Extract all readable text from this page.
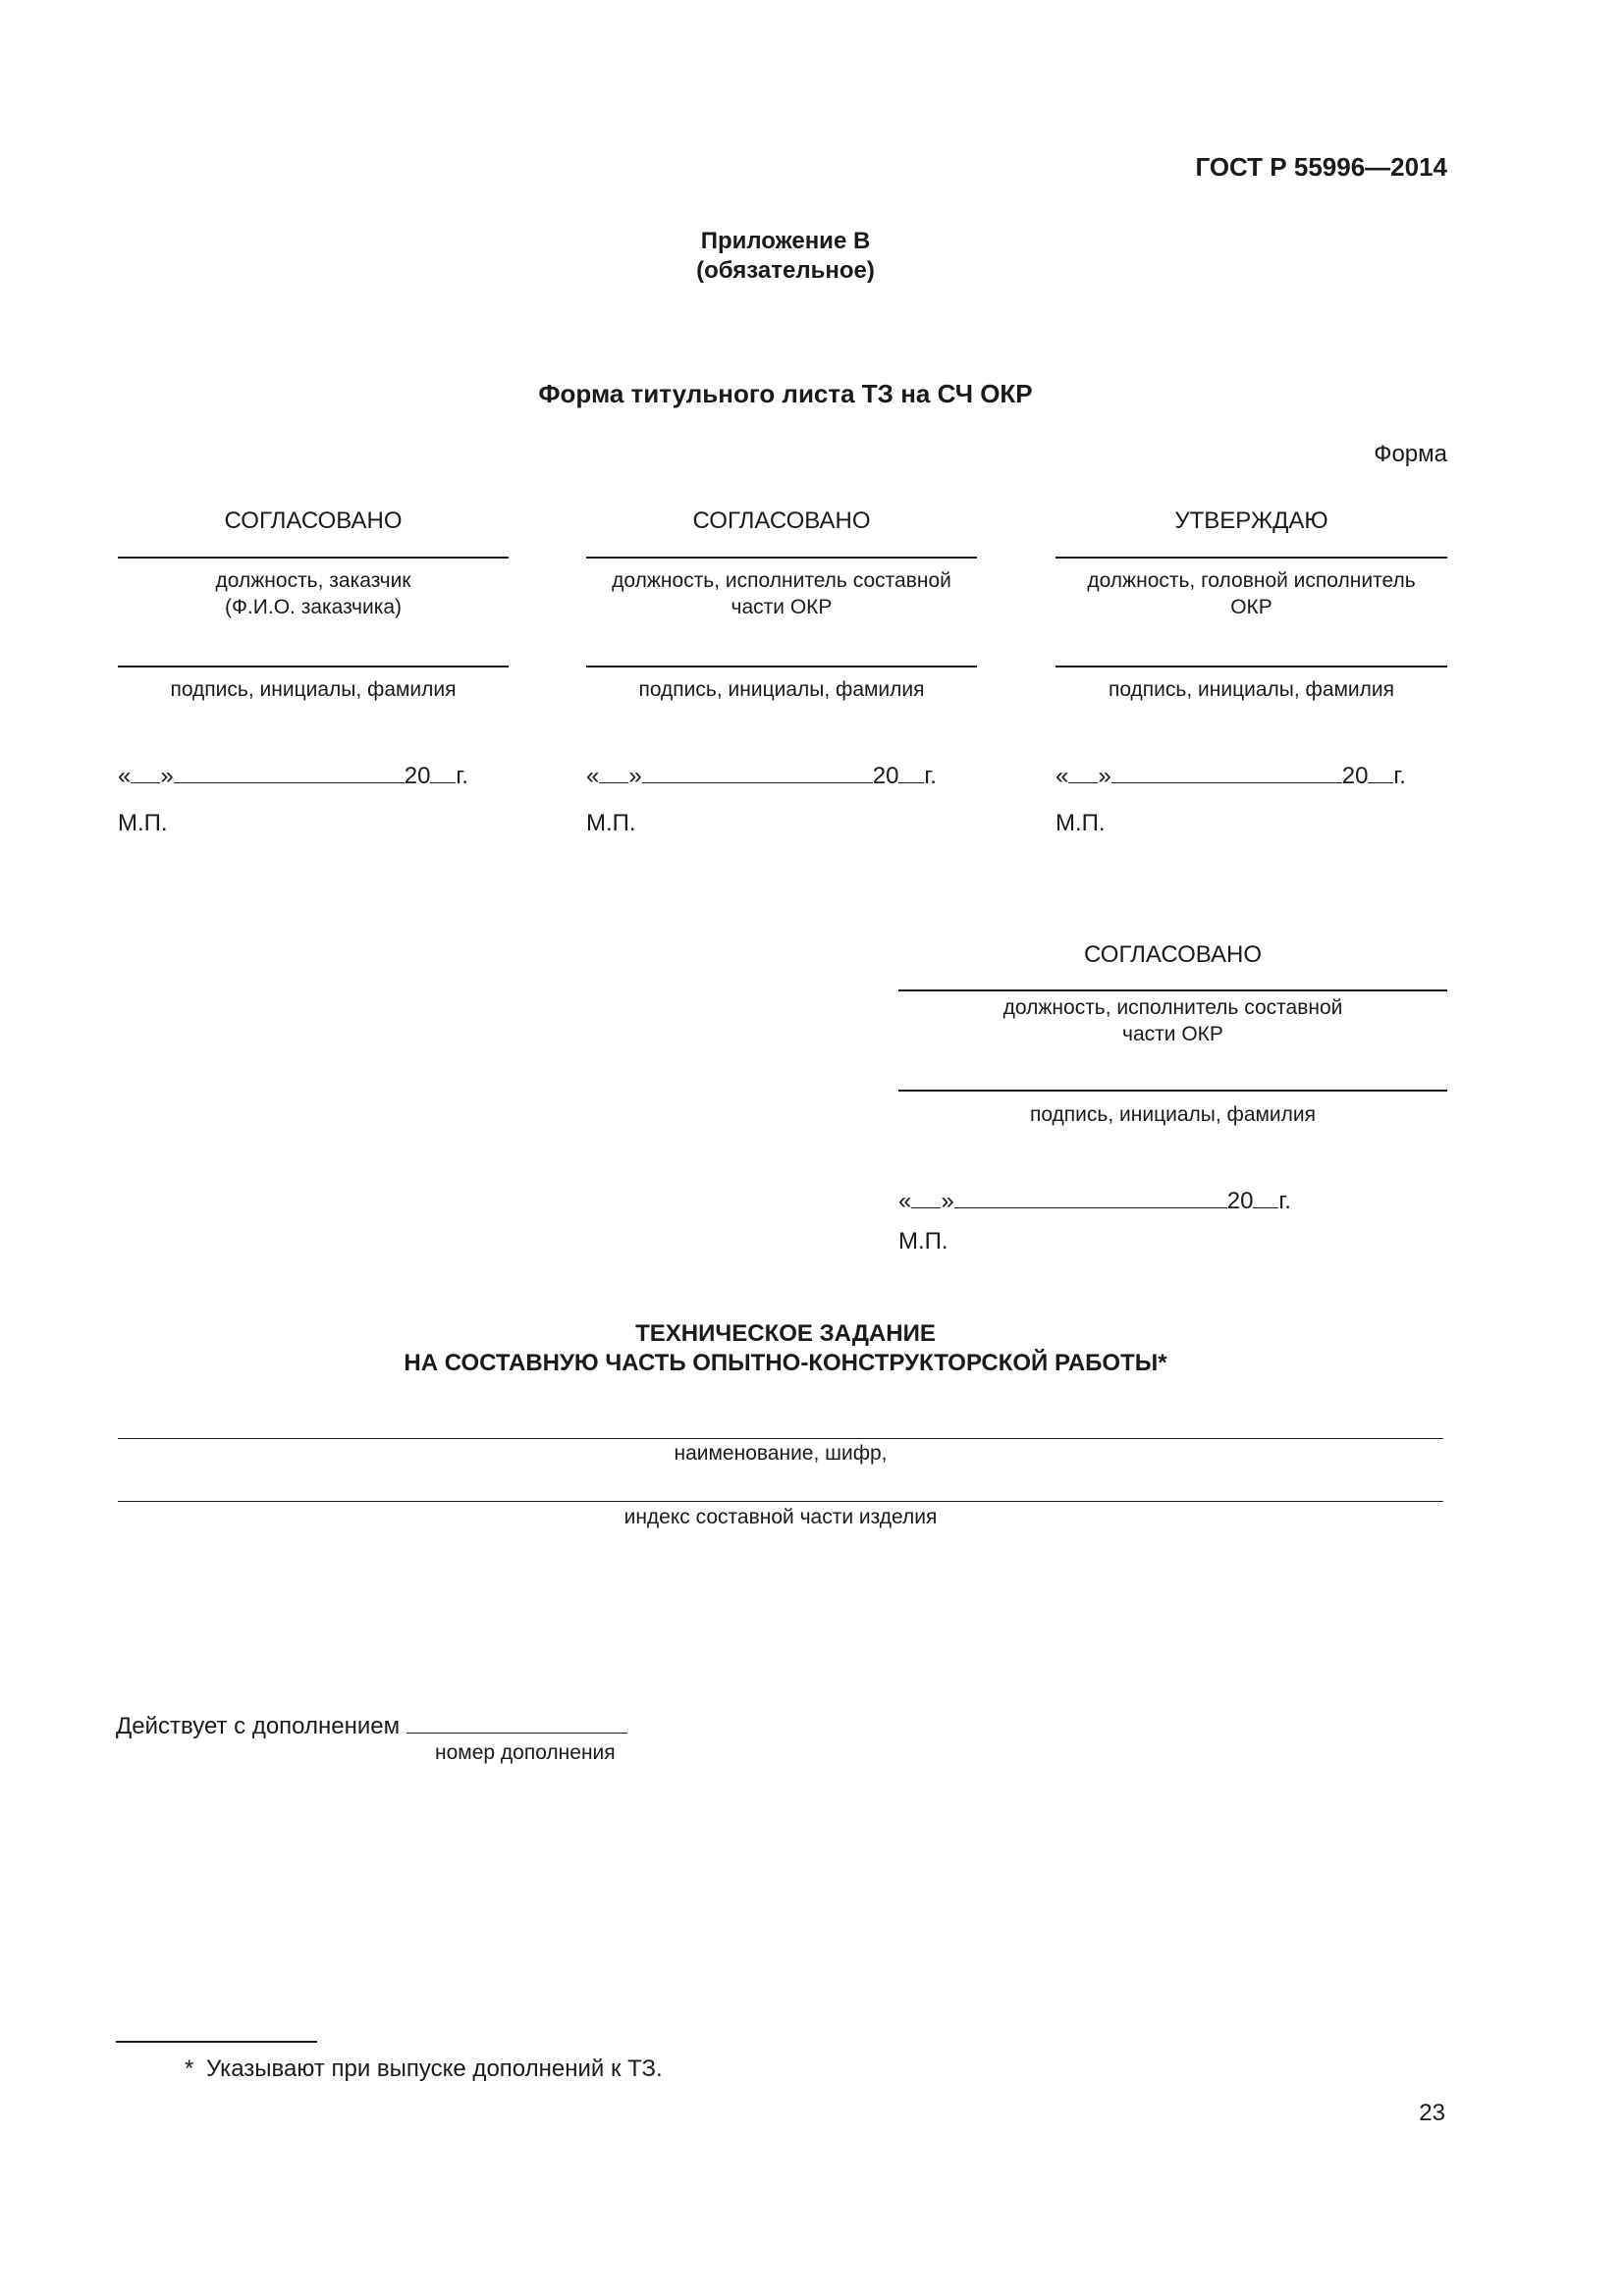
ГОСТ Р 55996—2014
Приложение В
(обязательное)
Форма титульного листа ТЗ на СЧ ОКР
Форма
СОГЛАСОВАНО
должность, заказчик
(Ф.И.О. заказчика)
подпись, инициалы, фамилия
« »	20 г.
М.П.
СОГЛАСОВАНО
должность, исполнитель составной
части ОКР
подпись, инициалы, фамилия
« »	20 г.
М.П.
УТВЕРЖДАЮ
должность, головной исполнитель
ОКР
подпись, инициалы, фамилия
« »	20 г.
М.П.
СОГЛАСОВАНО
должность, исполнитель составной
части ОКР
подпись, инициалы, фамилия
« »	20 г.
М.П.
ТЕХНИЧЕСКОЕ ЗАДАНИЕ
НА СОСТАВНУЮ ЧАСТЬ ОПЫТНО-КОНСТРУКТОРСКОЙ РАБОТЫ*
наименование, шифр,
индекс составной части изделия
Действует с дополнением
номер дополнения
* Указывают при выпуске дополнений к ТЗ.
23
